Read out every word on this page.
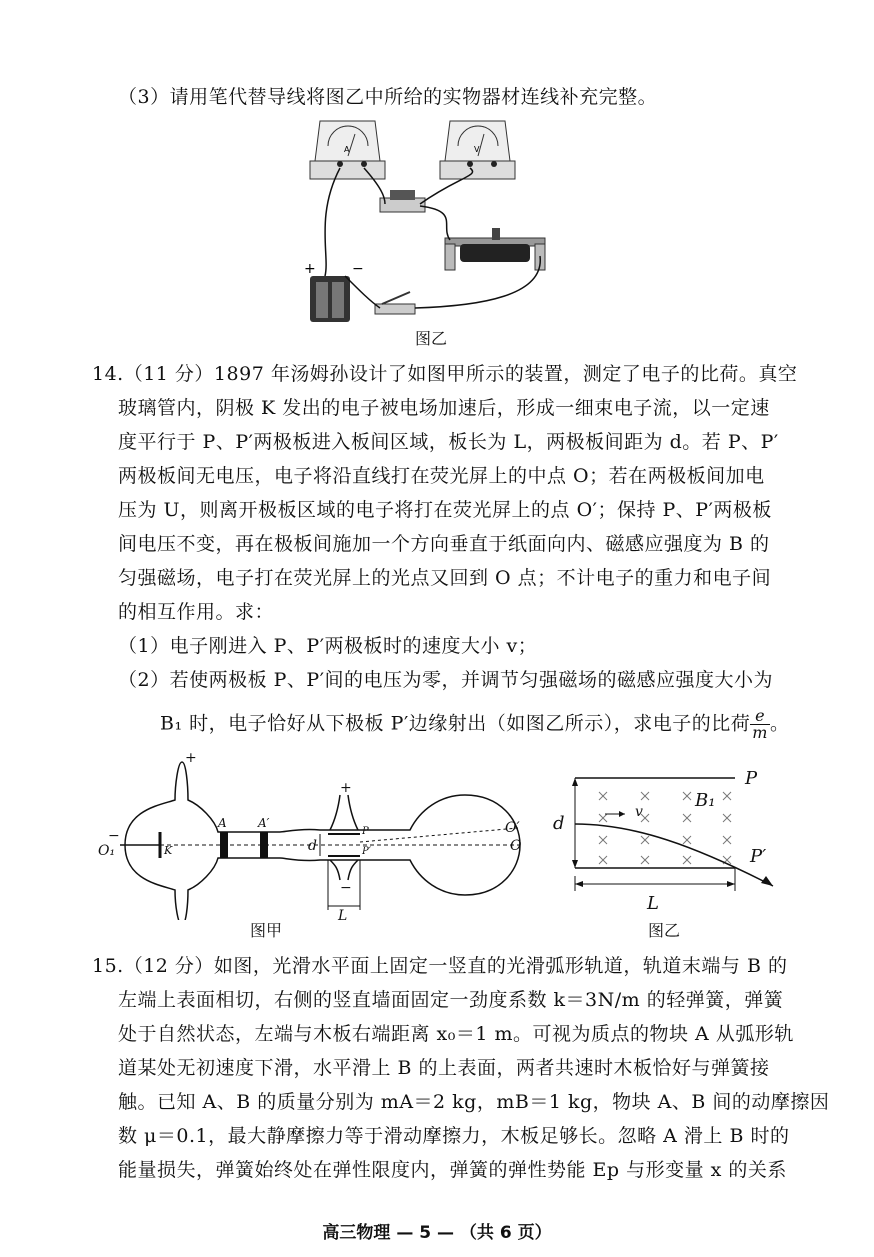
（3）请用笔代替导线将图乙中所给的实物器材连线补充完整。
A	V
+	−
图乙
14.（11 分）1897 年汤姆孙设计了如图甲所示的装置，测定了电子的比荷。真空
玻璃管内，阴极 K 发出的电子被电场加速后，形成一细束电子流，以一定速
度平行于 P、P′两极板进入板间区域，板长为 L，两极板间距为 d。若 P、P′
两极板间无电压，电子将沿直线打在荧光屏上的中点 O；若在两极板间加电
压为 U，则离开极板区域的电子将打在荧光屏上的点 O′；保持 P、P′两极板
间电压不变，再在极板间施加一个方向垂直于纸面向内、磁感应强度为 B 的
匀强磁场，电子打在荧光屏上的光点又回到 O 点；不计电子的重力和电子间
的相互作用。求：
（1）电子刚进入 P、P′两极板时的速度大小 v；
（2）若使两极板 P、P′间的电压为零，并调节匀强磁场的磁感应强度大小为
B₁ 时，电子恰好从下极板 P′边缘射出（如图乙所示），求电子的比荷 $\frac{e}{m}$ 。
+
−
O₁	K
A	A′
d
P
P′
+
−
L
O′
O
图甲
P
P′
B₁
v
d
L
图乙
15.（12 分）如图，光滑水平面上固定一竖直的光滑弧形轨道，轨道末端与 B 的
左端上表面相切，右侧的竖直墙面固定一劲度系数 k＝3N/m 的轻弹簧，弹簧
处于自然状态，左端与木板右端距离 x₀＝1 m。可视为质点的物块 A 从弧形轨
道某处无初速度下滑，水平滑上 B 的上表面，两者共速时木板恰好与弹簧接
触。已知 A、B 的质量分别为 mA＝2 kg，mB＝1 kg，物块 A、B 间的动摩擦因
数 μ＝0.1，最大静摩擦力等于滑动摩擦力，木板足够长。忽略 A 滑上 B 时的
能量损失，弹簧始终处在弹性限度内，弹簧的弹性势能 Ep 与形变量 x 的关系
高三物理 — 5 — （共 6 页）
